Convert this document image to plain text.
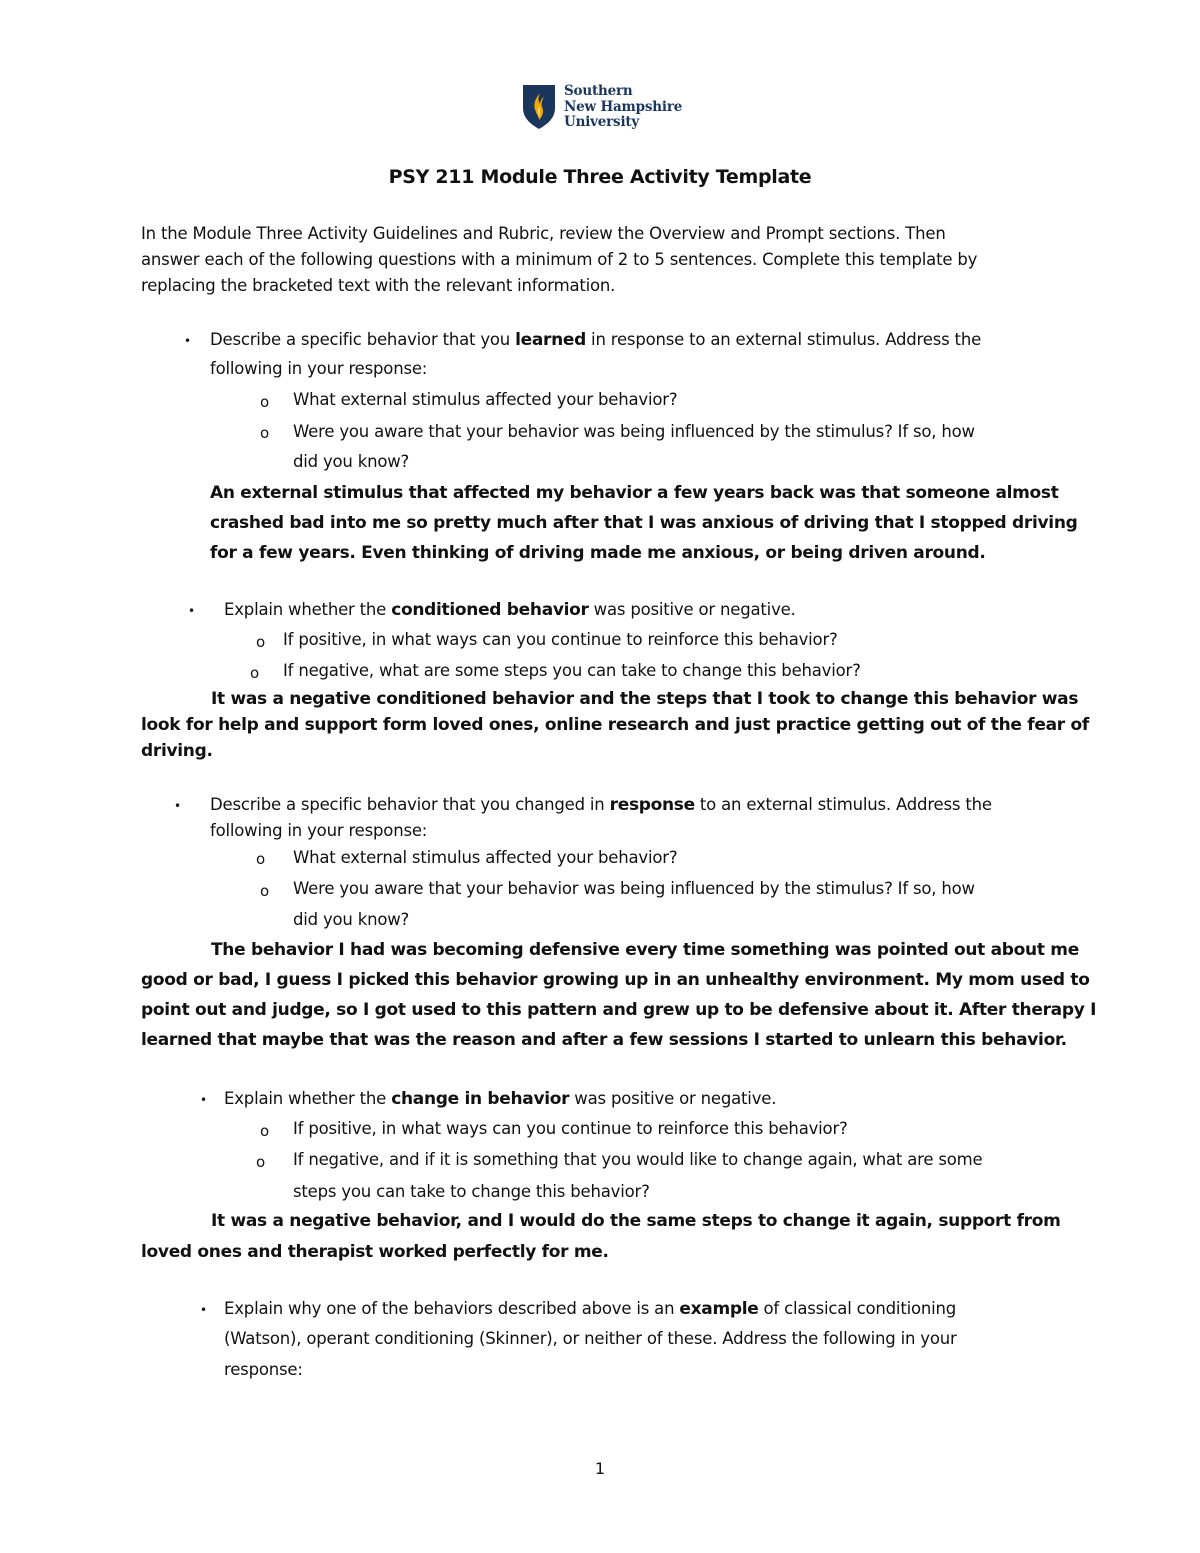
Southern
New Hampshire
University
PSY 211 Module Three Activity Template
In the Module Three Activity Guidelines and Rubric, review the Overview and Prompt sections. Then
answer each of the following questions with a minimum of 2 to 5 sentences. Complete this template by
replacing the bracketed text with the relevant information.
• Describe a specific behavior that you learned in response to an external stimulus. Address the
following in your response:
o What external stimulus affected your behavior?
o Were you aware that your behavior was being influenced by the stimulus? If so, how
did you know?
An external stimulus that affected my behavior a few years back was that someone almost
crashed bad into me so pretty much after that I was anxious of driving that I stopped driving
for a few years. Even thinking of driving made me anxious, or being driven around.
• Explain whether the conditioned behavior was positive or negative.
o If positive, in what ways can you continue to reinforce this behavior?
o If negative, what are some steps you can take to change this behavior?
It was a negative conditioned behavior and the steps that I took to change this behavior was
look for help and support form loved ones, online research and just practice getting out of the fear of
driving.
• Describe a specific behavior that you changed in response to an external stimulus. Address the
following in your response:
o What external stimulus affected your behavior?
o Were you aware that your behavior was being influenced by the stimulus? If so, how
did you know?
The behavior I had was becoming defensive every time something was pointed out about me
good or bad, I guess I picked this behavior growing up in an unhealthy environment. My mom used to
point out and judge, so I got used to this pattern and grew up to be defensive about it. After therapy I
learned that maybe that was the reason and after a few sessions I started to unlearn this behavior.
• Explain whether the change in behavior was positive or negative.
o If positive, in what ways can you continue to reinforce this behavior?
o If negative, and if it is something that you would like to change again, what are some
steps you can take to change this behavior?
It was a negative behavior, and I would do the same steps to change it again, support from
loved ones and therapist worked perfectly for me.
• Explain why one of the behaviors described above is an example of classical conditioning
(Watson), operant conditioning (Skinner), or neither of these. Address the following in your
response:
1
